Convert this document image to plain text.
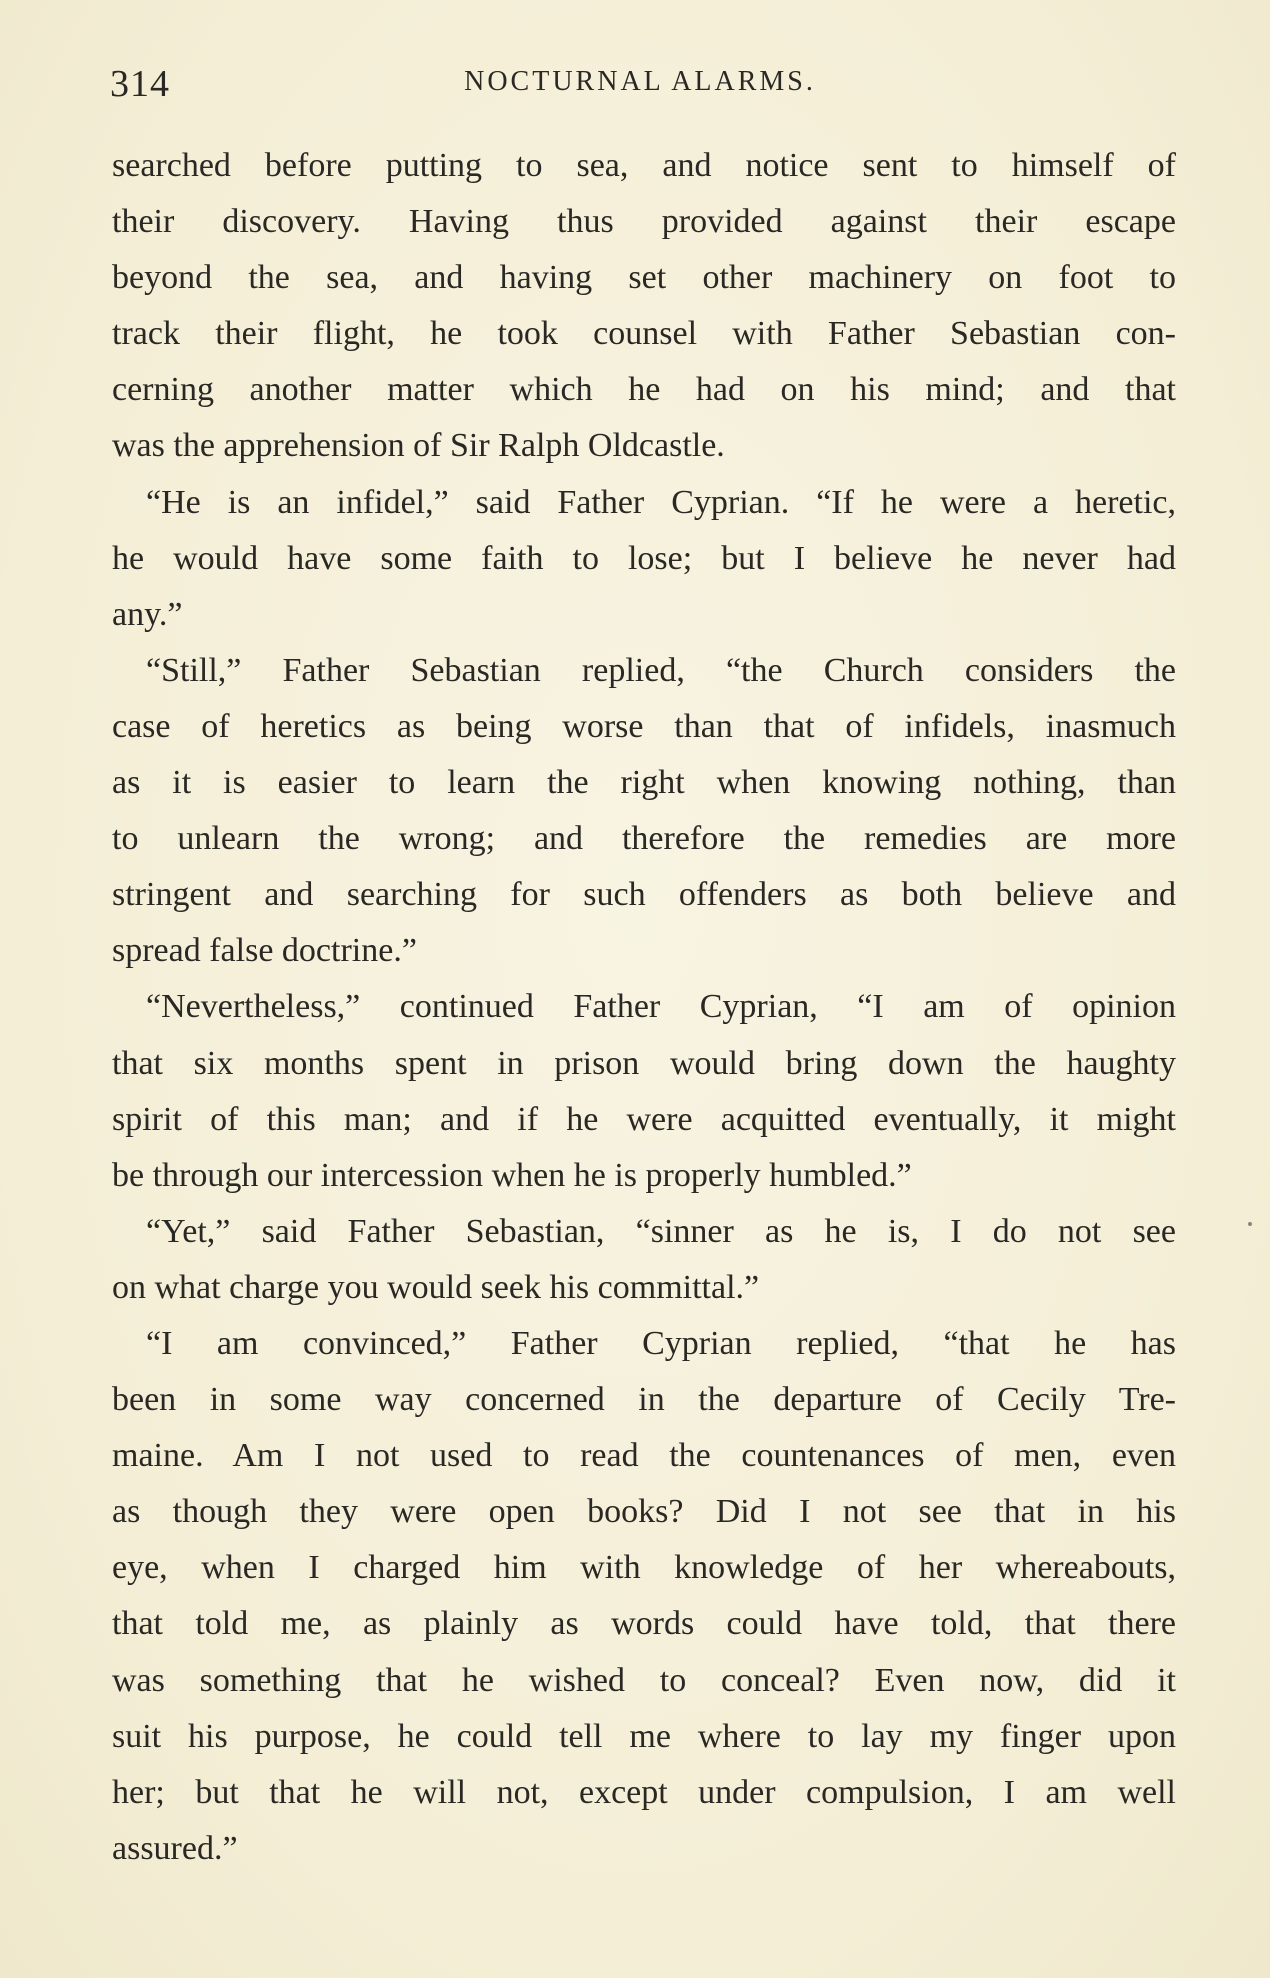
314	NOCTURNAL ALARMS.
searched before putting to sea, and notice sent to himself of
their discovery. Having thus provided against their escape
beyond the sea, and having set other machinery on foot to
track their flight, he took counsel with Father Sebastian con-
cerning another matter which he had on his mind; and that
was the apprehension of Sir Ralph Oldcastle.
“He is an infidel,” said Father Cyprian. “If he were a heretic,
he would have some faith to lose; but I believe he never had
any.”
“Still,” Father Sebastian replied, “the Church considers the
case of heretics as being worse than that of infidels, inasmuch
as it is easier to learn the right when knowing nothing, than
to unlearn the wrong; and therefore the remedies are more
stringent and searching for such offenders as both believe and
spread false doctrine.”
“Nevertheless,” continued Father Cyprian, “I am of opinion
that six months spent in prison would bring down the haughty
spirit of this man; and if he were acquitted eventually, it might
be through our intercession when he is properly humbled.”
“Yet,” said Father Sebastian, “sinner as he is, I do not see
on what charge you would seek his committal.”
“I am convinced,” Father Cyprian replied, “that he has
been in some way concerned in the departure of Cecily Tre-
maine. Am I not used to read the countenances of men, even
as though they were open books? Did I not see that in his
eye, when I charged him with knowledge of her whereabouts,
that told me, as plainly as words could have told, that there
was something that he wished to conceal? Even now, did it
suit his purpose, he could tell me where to lay my finger upon
her; but that he will not, except under compulsion, I am well
assured.”
